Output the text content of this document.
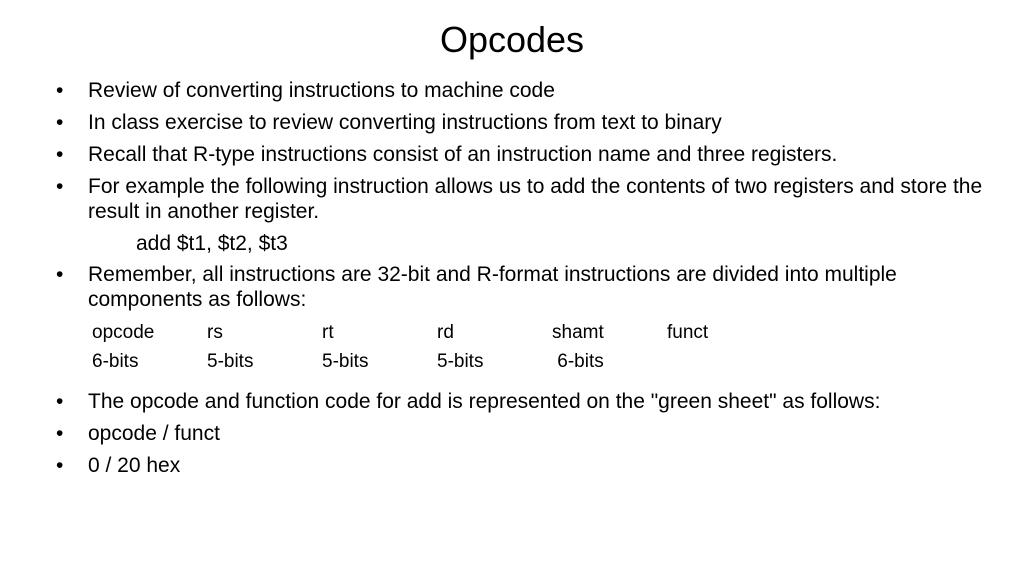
Opcodes
•	Review of converting instructions to machine code
•	In class exercise to review converting instructions from text to binary
•	Recall that R-type instructions consist of an instruction name and three registers.
•	For example the following instruction allows us to add the contents of two registers and store the result in another register.
add $t1, $t2, $t3
•	Remember, all instructions are 32-bit and R-format instructions are divided into multiple components as follows:
opcode	rs	rt	rd	shamt	funct
6-bits	5-bits	5-bits	5-bits	6-bits
•	The opcode and function code for add is represented on the "green sheet" as follows:
•	opcode / funct
•	0 / 20 hex
